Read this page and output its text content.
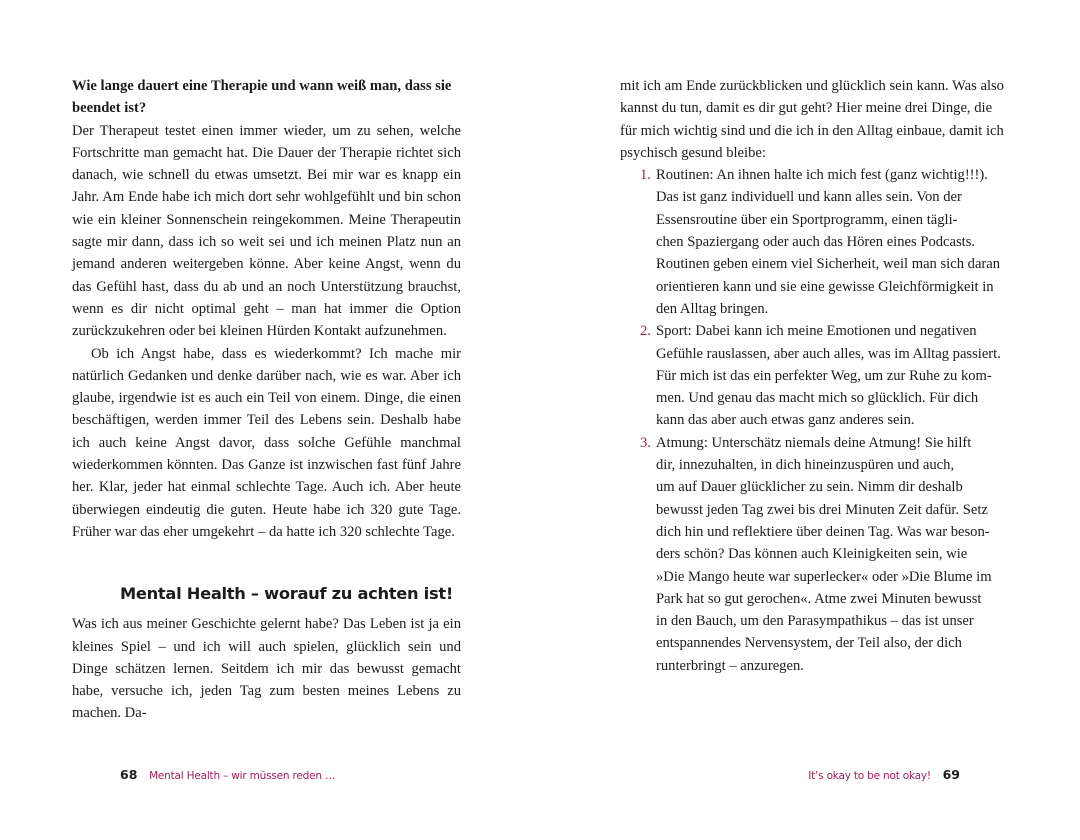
Wie lange dauert eine Therapie und wann weiß man, dass sie beendet ist?

Der Therapeut testet einen immer wieder, um zu sehen, welche Fortschritte man gemacht hat. Die Dauer der Therapie richtet sich danach, wie schnell du etwas umsetzt. Bei mir war es knapp ein Jahr. Am Ende habe ich mich dort sehr wohlgefühlt und bin schon wie ein kleiner Sonnenschein reingekommen. Meine Therapeutin sagte mir dann, dass ich so weit sei und ich meinen Platz nun an jemand anderen weitergeben könne. Aber keine Angst, wenn du das Gefühl hast, dass du ab und an noch Unterstützung brauchst, wenn es dir nicht optimal geht – man hat immer die Option zurückzukehren oder bei kleinen Hürden Kontakt aufzunehmen.

Ob ich Angst habe, dass es wiederkommt? Ich mache mir natürlich Gedanken und denke darüber nach, wie es war. Aber ich glaube, irgendwie ist es auch ein Teil von einem. Dinge, die einen beschäftigen, werden immer Teil des Lebens sein. Deshalb habe ich auch keine Angst davor, dass solche Gefühle manchmal wiederkommen könnten. Das Ganze ist inzwischen fast fünf Jahre her. Klar, jeder hat einmal schlechte Tage. Auch ich. Aber heute überwiegen eindeutig die guten. Heute habe ich 320 gute Tage. Früher war das eher umgekehrt – da hatte ich 320 schlechte Tage.

Mental Health – worauf zu achten ist!

Was ich aus meiner Geschichte gelernt habe? Das Leben ist ja ein kleines Spiel – und ich will auch spielen, glücklich sein und Dinge schätzen lernen. Seitdem ich mir das bewusst gemacht habe, versuche ich, jeden Tag zum besten meines Lebens zu machen. Da-

68 Mental Health – wir müssen reden …

mit ich am Ende zurückblicken und glücklich sein kann. Was also kannst du tun, damit es dir gut geht? Hier meine drei Dinge, die für mich wichtig sind und die ich in den Alltag einbaue, damit ich psychisch gesund bleibe:

1. Routinen: An ihnen halte ich mich fest (ganz wichtig!!!).
Das ist ganz individuell und kann alles sein. Von der
Essensroutine über ein Sportprogramm, einen tägli-
chen Spaziergang oder auch das Hören eines Podcasts.
Routinen geben einem viel Sicherheit, weil man sich daran
orientieren kann und sie eine gewisse Gleichförmigkeit in
den Alltag bringen.
2. Sport: Dabei kann ich meine Emotionen und negativen
Gefühle rauslassen, aber auch alles, was im Alltag passiert.
Für mich ist das ein perfekter Weg, um zur Ruhe zu kom-
men. Und genau das macht mich so glücklich. Für dich
kann das aber auch etwas ganz anderes sein.
3. Atmung: Unterschätz niemals deine Atmung! Sie hilft
dir, innezuhalten, in dich hineinzuspüren und auch,
um auf Dauer glücklicher zu sein. Nimm dir deshalb
bewusst jeden Tag zwei bis drei Minuten Zeit dafür. Setz
dich hin und reflektiere über deinen Tag. Was war beson-
ders schön? Das können auch Kleinigkeiten sein, wie
»Die Mango heute war superlecker« oder »Die Blume im
Park hat so gut gerochen«. Atme zwei Minuten bewusst
in den Bauch, um den Parasympathikus – das ist unser
entspannendes Nervensystem, der Teil also, der dich
runterbringt – anzuregen.
It’s okay to be not okay! 69
